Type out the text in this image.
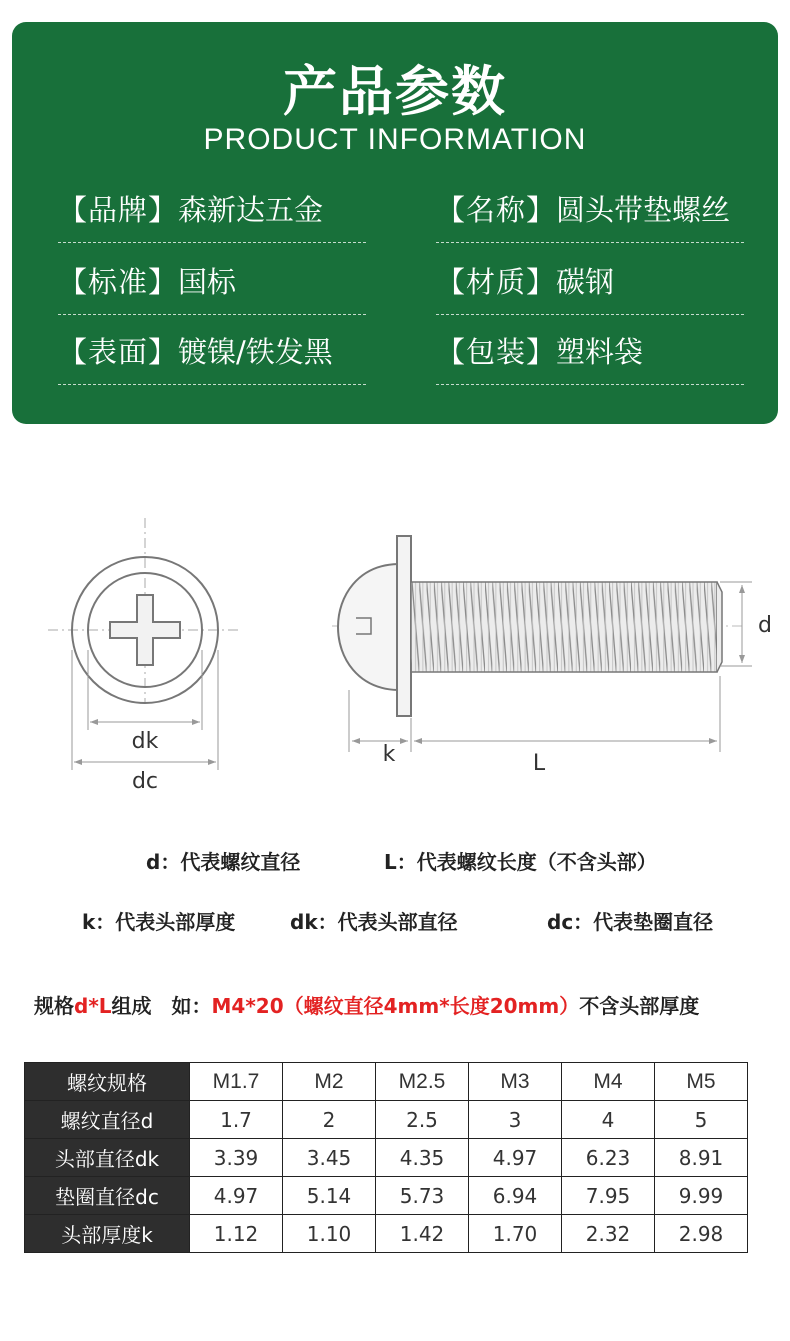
产品参数
PRODUCT INFORMATION
【品牌】森新达五金	【名称】圆头带垫螺丝
【标准】国标	【材质】碳钢
【表面】镀镍/铁发黑	【包装】塑料袋
dk
dc
d
k	L
d：代表螺纹直径	L：代表螺纹长度（不含头部）
k：代表头部厚度	dk：代表头部直径	dc：代表垫圈直径
规格d*L组成　如：M4*20（螺纹直径4mm*长度20mm）不含头部厚度
螺纹规格	M1.7	M2	M2.5	M3	M4	M5
螺纹直径d	1.7	2	2.5	3	4	5
头部直径dk	3.39	3.45	4.35	4.97	6.23	8.91
垫圈直径dc	4.97	5.14	5.73	6.94	7.95	9.99
头部厚度k	1.12	1.10	1.42	1.70	2.32	2.98
